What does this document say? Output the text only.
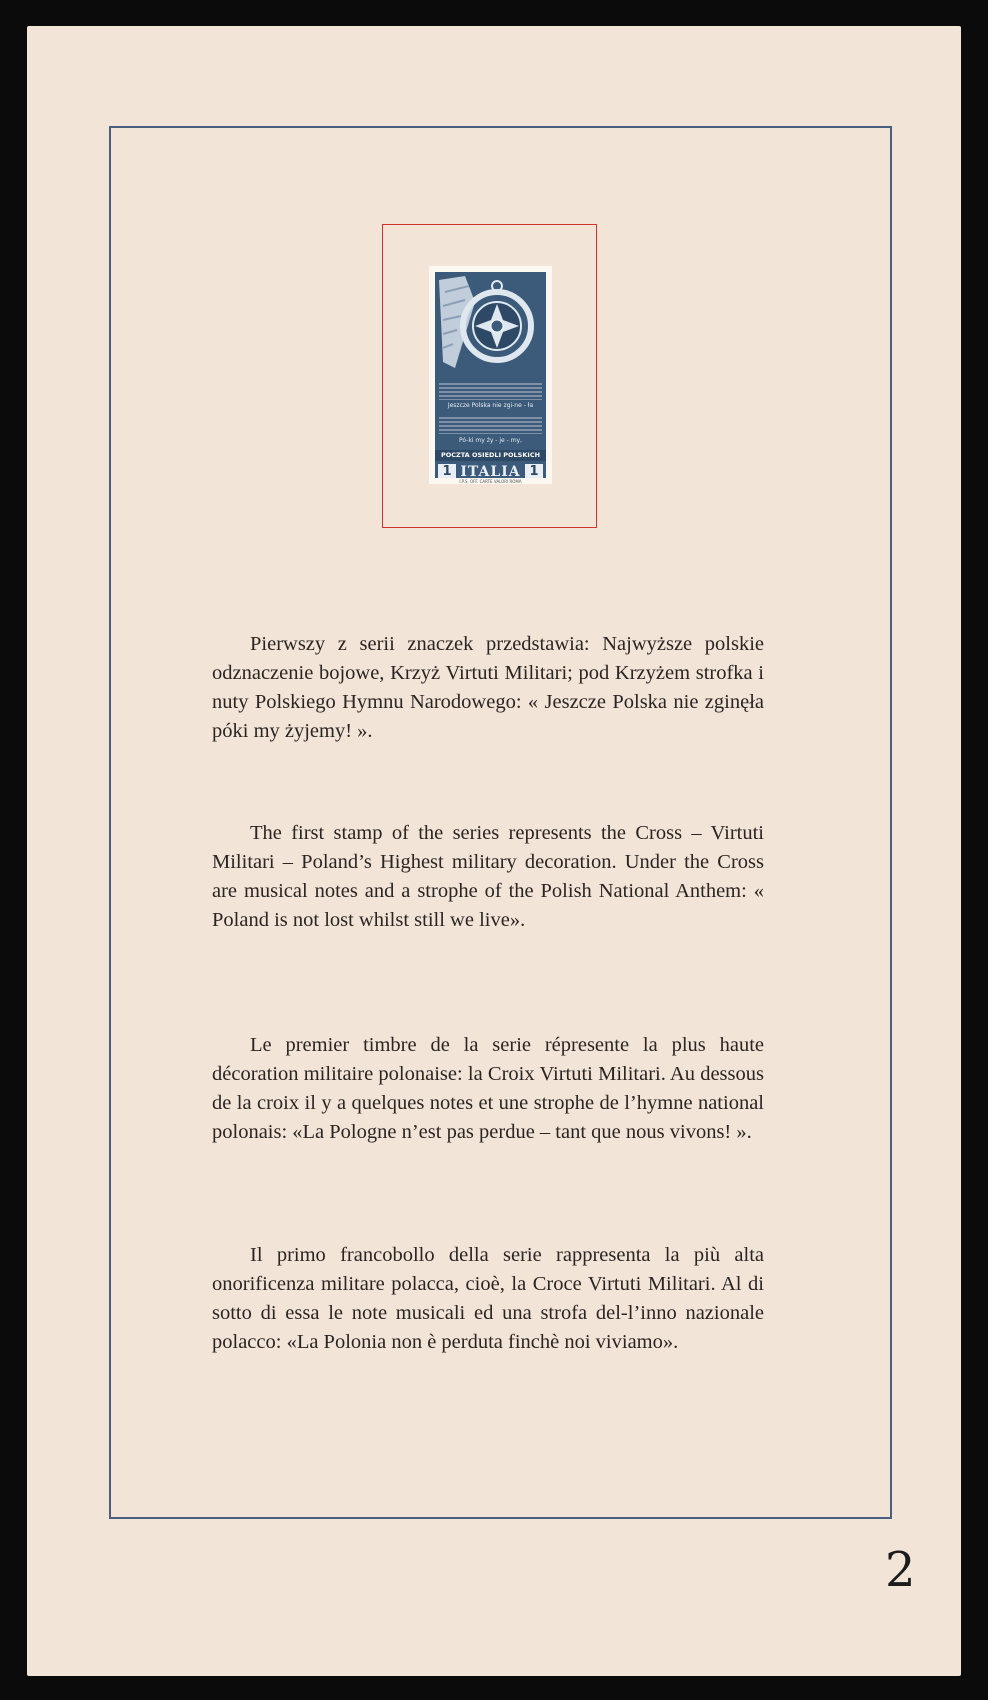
Jeszcze Polska nie zgi-ne - ła
Pó-ki my ży - je - my,
POCZTA OSIEDLI POLSKICH
1 ITALIA 1
I.P.S. OFF. CARTE VALORI ROMA

Pierwszy z serii znaczek przedstawia: Najwyższe polskie odznaczenie bojowe, Krzyż Virtuti Militari; pod Krzyżem strofka i nuty Polskiego Hymnu Narodowego: « Jeszcze Polska nie zginęła póki my żyjemy! ».

The first stamp of the series represents the Cross – Virtuti Militari – Poland’s Highest military decoration. Under the Cross are musical notes and a strophe of the Polish National Anthem: « Poland is not lost whilst still we live».

Le premier timbre de la serie répresente la plus haute décoration militaire polonaise: la Croix Virtuti Militari. Au dessous de la croix il y a quelques notes et une strophe de l’hymne national polonais: «La Pologne n’est pas perdue – tant que nous vivons! ».

Il primo francobollo della serie rappresenta la più alta onorificenza militare polacca, cioè, la Croce Virtuti Militari. Al di sotto di essa le note musicali ed una strofa del-l’inno nazionale polacco: «La Polonia non è perduta finchè noi viviamo».

2
